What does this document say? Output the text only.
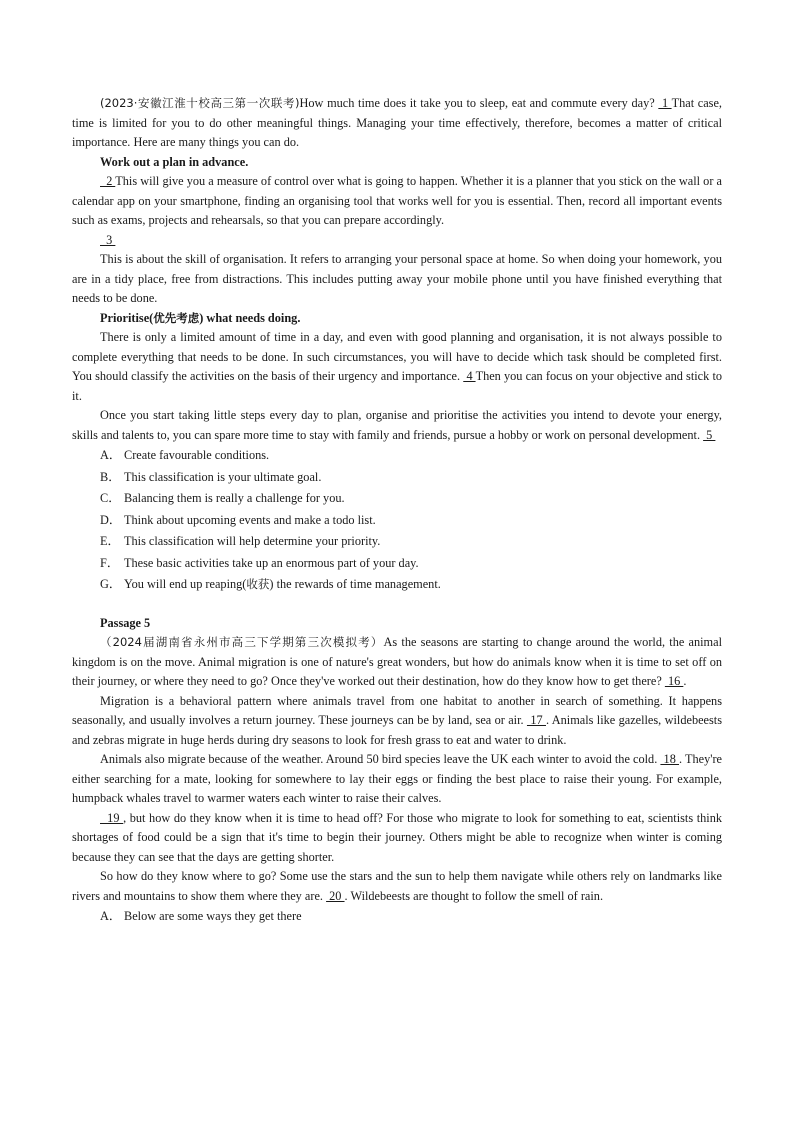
(2023·安徽江淮十校高三第一次联考)How much time does it take you to sleep, eat and commute every day?  1 That case, time is limited for you to do other meaningful things. Managing your time effectively, therefore, becomes a matter of critical importance. Here are many things you can do.

Work out a plan in advance.

2 This will give you a measure of control over what is going to happen. Whether it is a planner that you stick on the wall or a calendar app on your smartphone, finding an organising tool that works well for you is essential. Then, record all important events such as exams, projects and rehearsals, so that you can prepare accordingly.

3

This is about the skill of organisation. It refers to arranging your personal space at home. So when doing your homework, you are in a tidy place, free from distractions. This includes putting away your mobile phone until you have finished everything that needs to be done.

Prioritise(优先考虑) what needs doing.

There is only a limited amount of time in a day, and even with good planning and organisation, it is not always possible to complete everything that needs to be done. In such circumstances, you will have to decide which task should be completed first. You should classify the activities on the basis of their urgency and importance.  4 Then you can focus on your objective and stick to it.

Once you start taking little steps every day to plan, organise and prioritise the activities you intend to devote your energy, skills and talents to, you can spare more time to stay with family and friends, pursue a hobby or work on personal development.  5

A． Create favourable conditions.

B． This classification is your ultimate goal.

C． Balancing them is really a challenge for you.

D． Think about upcoming events and make a todo list.

E． This classification will help determine your priority.

F． These basic activities take up an enormous part of your day.

G． You will end up reaping(收获) the rewards of time management.

Passage 5

（2024届湖南省永州市高三下学期第三次模拟考）As the seasons are starting to change around the world, the animal kingdom is on the move. Animal migration is one of nature's great wonders, but how do animals know when it is time to set off on their journey, or where they need to go? Once they've worked out their destination, how do they know how to get there?  16 .

Migration is a behavioral pattern where animals travel from one habitat to another in search of something. It happens seasonally, and usually involves a return journey. These journeys can be by land, sea or air.  17 . Animals like gazelles, wildebeests and zebras migrate in huge herds during dry seasons to look for fresh grass to eat and water to drink.

Animals also migrate because of the weather. Around 50 bird species leave the UK each winter to avoid the cold.  18 . They're either searching for a mate, looking for somewhere to lay their eggs or finding the best place to raise their young. For example, humpback whales travel to warmer waters each winter to raise their calves.

19 , but how do they know when it is time to head off? For those who migrate to look for something to eat, scientists think shortages of food could be a sign that it's time to begin their journey. Others might be able to recognize when winter is coming because they can see that the days are getting shorter.

So how do they know where to go? Some use the stars and the sun to help them navigate while others rely on landmarks like rivers and mountains to show them where they are.  20 . Wildebeests are thought to follow the smell of rain.

A． Below are some ways they get there
